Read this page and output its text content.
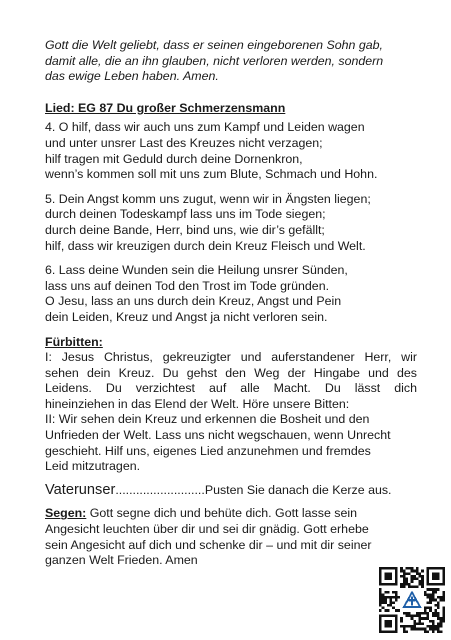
Gott die Welt geliebt, dass er seinen eingeborenen Sohn gab,
damit alle, die an ihn glauben, nicht verloren werden, sondern
das ewige Leben haben. Amen.
Lied: EG 87 Du großer Schmerzensmann
4. O hilf, dass wir auch uns zum Kampf und Leiden wagen
und unter unsrer Last des Kreuzes nicht verzagen;
hilf tragen mit Geduld durch deine Dornenkron,
wenn’s kommen soll mit uns zum Blute, Schmach und Hohn.
5. Dein Angst komm uns zugut, wenn wir in Ängsten liegen;
durch deinen Todeskampf lass uns im Tode siegen;
durch deine Bande, Herr, bind uns, wie dir’s gefällt;
hilf, dass wir kreuzigen durch dein Kreuz Fleisch und Welt.
6. Lass deine Wunden sein die Heilung unsrer Sünden,
lass uns auf deinen Tod den Trost im Tode gründen.
O Jesu, lass an uns durch dein Kreuz, Angst und Pein
dein Leiden, Kreuz und Angst ja nicht verloren sein.
Fürbitten:
I: Jesus Christus, gekreuzigter und auferstandener Herr, wir
sehen dein Kreuz. Du gehst den Weg der Hingabe und des
Leidens. Du verzichtest auf alle Macht. Du lässt dich
hineinziehen in das Elend der Welt. Höre unsere Bitten:
II: Wir sehen dein Kreuz und erkennen die Bosheit und den
Unfrieden der Welt. Lass uns nicht wegschauen, wenn Unrecht
geschieht. Hilf uns, eigenes Lied anzunehmen und fremdes
Leid mitzutragen.
Vaterunser..........................Pusten Sie danach die Kerze aus.
Segen: Gott segne dich und behüte dich. Gott lasse sein
Angesicht leuchten über dir und sei dir gnädig. Gott erhebe
sein Angesicht auf dich und schenke dir – und mit dir seiner
ganzen Welt Frieden. Amen
